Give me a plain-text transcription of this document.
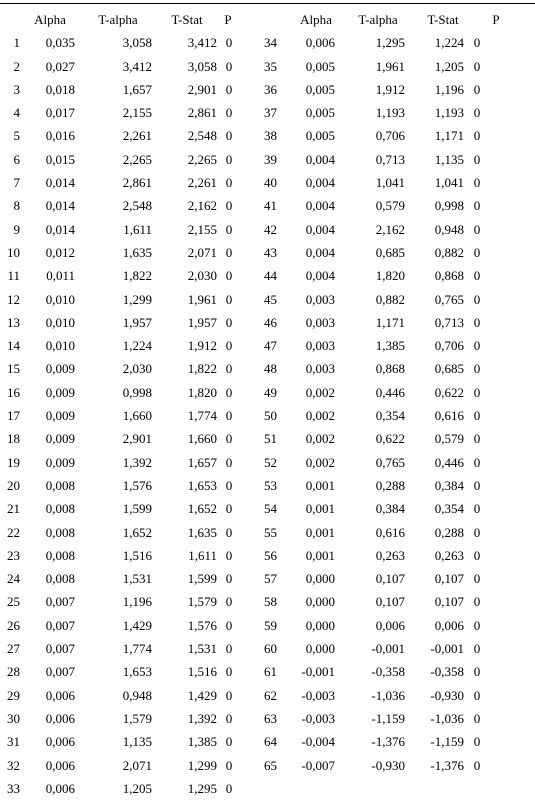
Alpha	T-alpha	T-Stat	P
1	0,035	3,058	3,412 0
2	0,027	3,412	3,058 0
3	0,018	1,657	2,901 0
4	0,017	2,155	2,861 0
5	0,016	2,261	2,548 0
6	0,015	2,265	2,265 0
7	0,014	2,861	2,261 0
8	0,014	2,548	2,162 0
9	0,014	1,611	2,155 0
10	0,012	1,635	2,071 0
11	0,011	1,822	2,030 0
12	0,010	1,299	1,961 0
13	0,010	1,957	1,957 0
14	0,010	1,224	1,912 0
15	0,009	2,030	1,822 0
16	0,009	0,998	1,820 0
17	0,009	1,660	1,774 0
18	0,009	2,901	1,660 0
19	0,009	1,392	1,657 0
20	0,008	1,576	1,653 0
21	0,008	1,599	1,652 0
22	0,008	1,652	1,635 0
23	0,008	1,516	1,611 0
24	0,008	1,531	1,599 0
25	0,007	1,196	1,579 0
26	0,007	1,429	1,576 0
27	0,007	1,774	1,531 0
28	0,007	1,653	1,516 0
29	0,006	0,948	1,429 0
30	0,006	1,579	1,392 0
31	0,006	1,135	1,385 0
32	0,006	2,071	1,299 0
33	0,006	1,205	1,295 0
Alpha	T-alpha	T-Stat	P
34	0,006	1,295	1,224 0
35	0,005	1,961	1,205 0
36	0,005	1,912	1,196 0
37	0,005	1,193	1,193 0
38	0,005	0,706	1,171 0
39	0,004	0,713	1,135 0
40	0,004	1,041	1,041 0
41	0,004	0,579	0,998 0
42	0,004	2,162	0,948 0
43	0,004	0,685	0,882 0
44	0,004	1,820	0,868 0
45	0,003	0,882	0,765 0
46	0,003	1,171	0,713 0
47	0,003	1,385	0,706 0
48	0,003	0,868	0,685 0
49	0,002	0,446	0,622 0
50	0,002	0,354	0,616 0
51	0,002	0,622	0,579 0
52	0,002	0,765	0,446 0
53	0,001	0,288	0,384 0
54	0,001	0,384	0,354 0
55	0,001	0,616	0,288 0
56	0,001	0,263	0,263 0
57	0,000	0,107	0,107 0
58	0,000	0,107	0,107 0
59	0,000	0,006	0,006 0
60	0,000	-0,001	-0,001 0
61	-0,001	-0,358	-0,358 0
62	-0,003	-1,036	-0,930 0
63	-0,003	-1,159	-1,036 0
64	-0,004	-1,376	-1,159 0
65	-0,007	-0,930	-1,376 0
